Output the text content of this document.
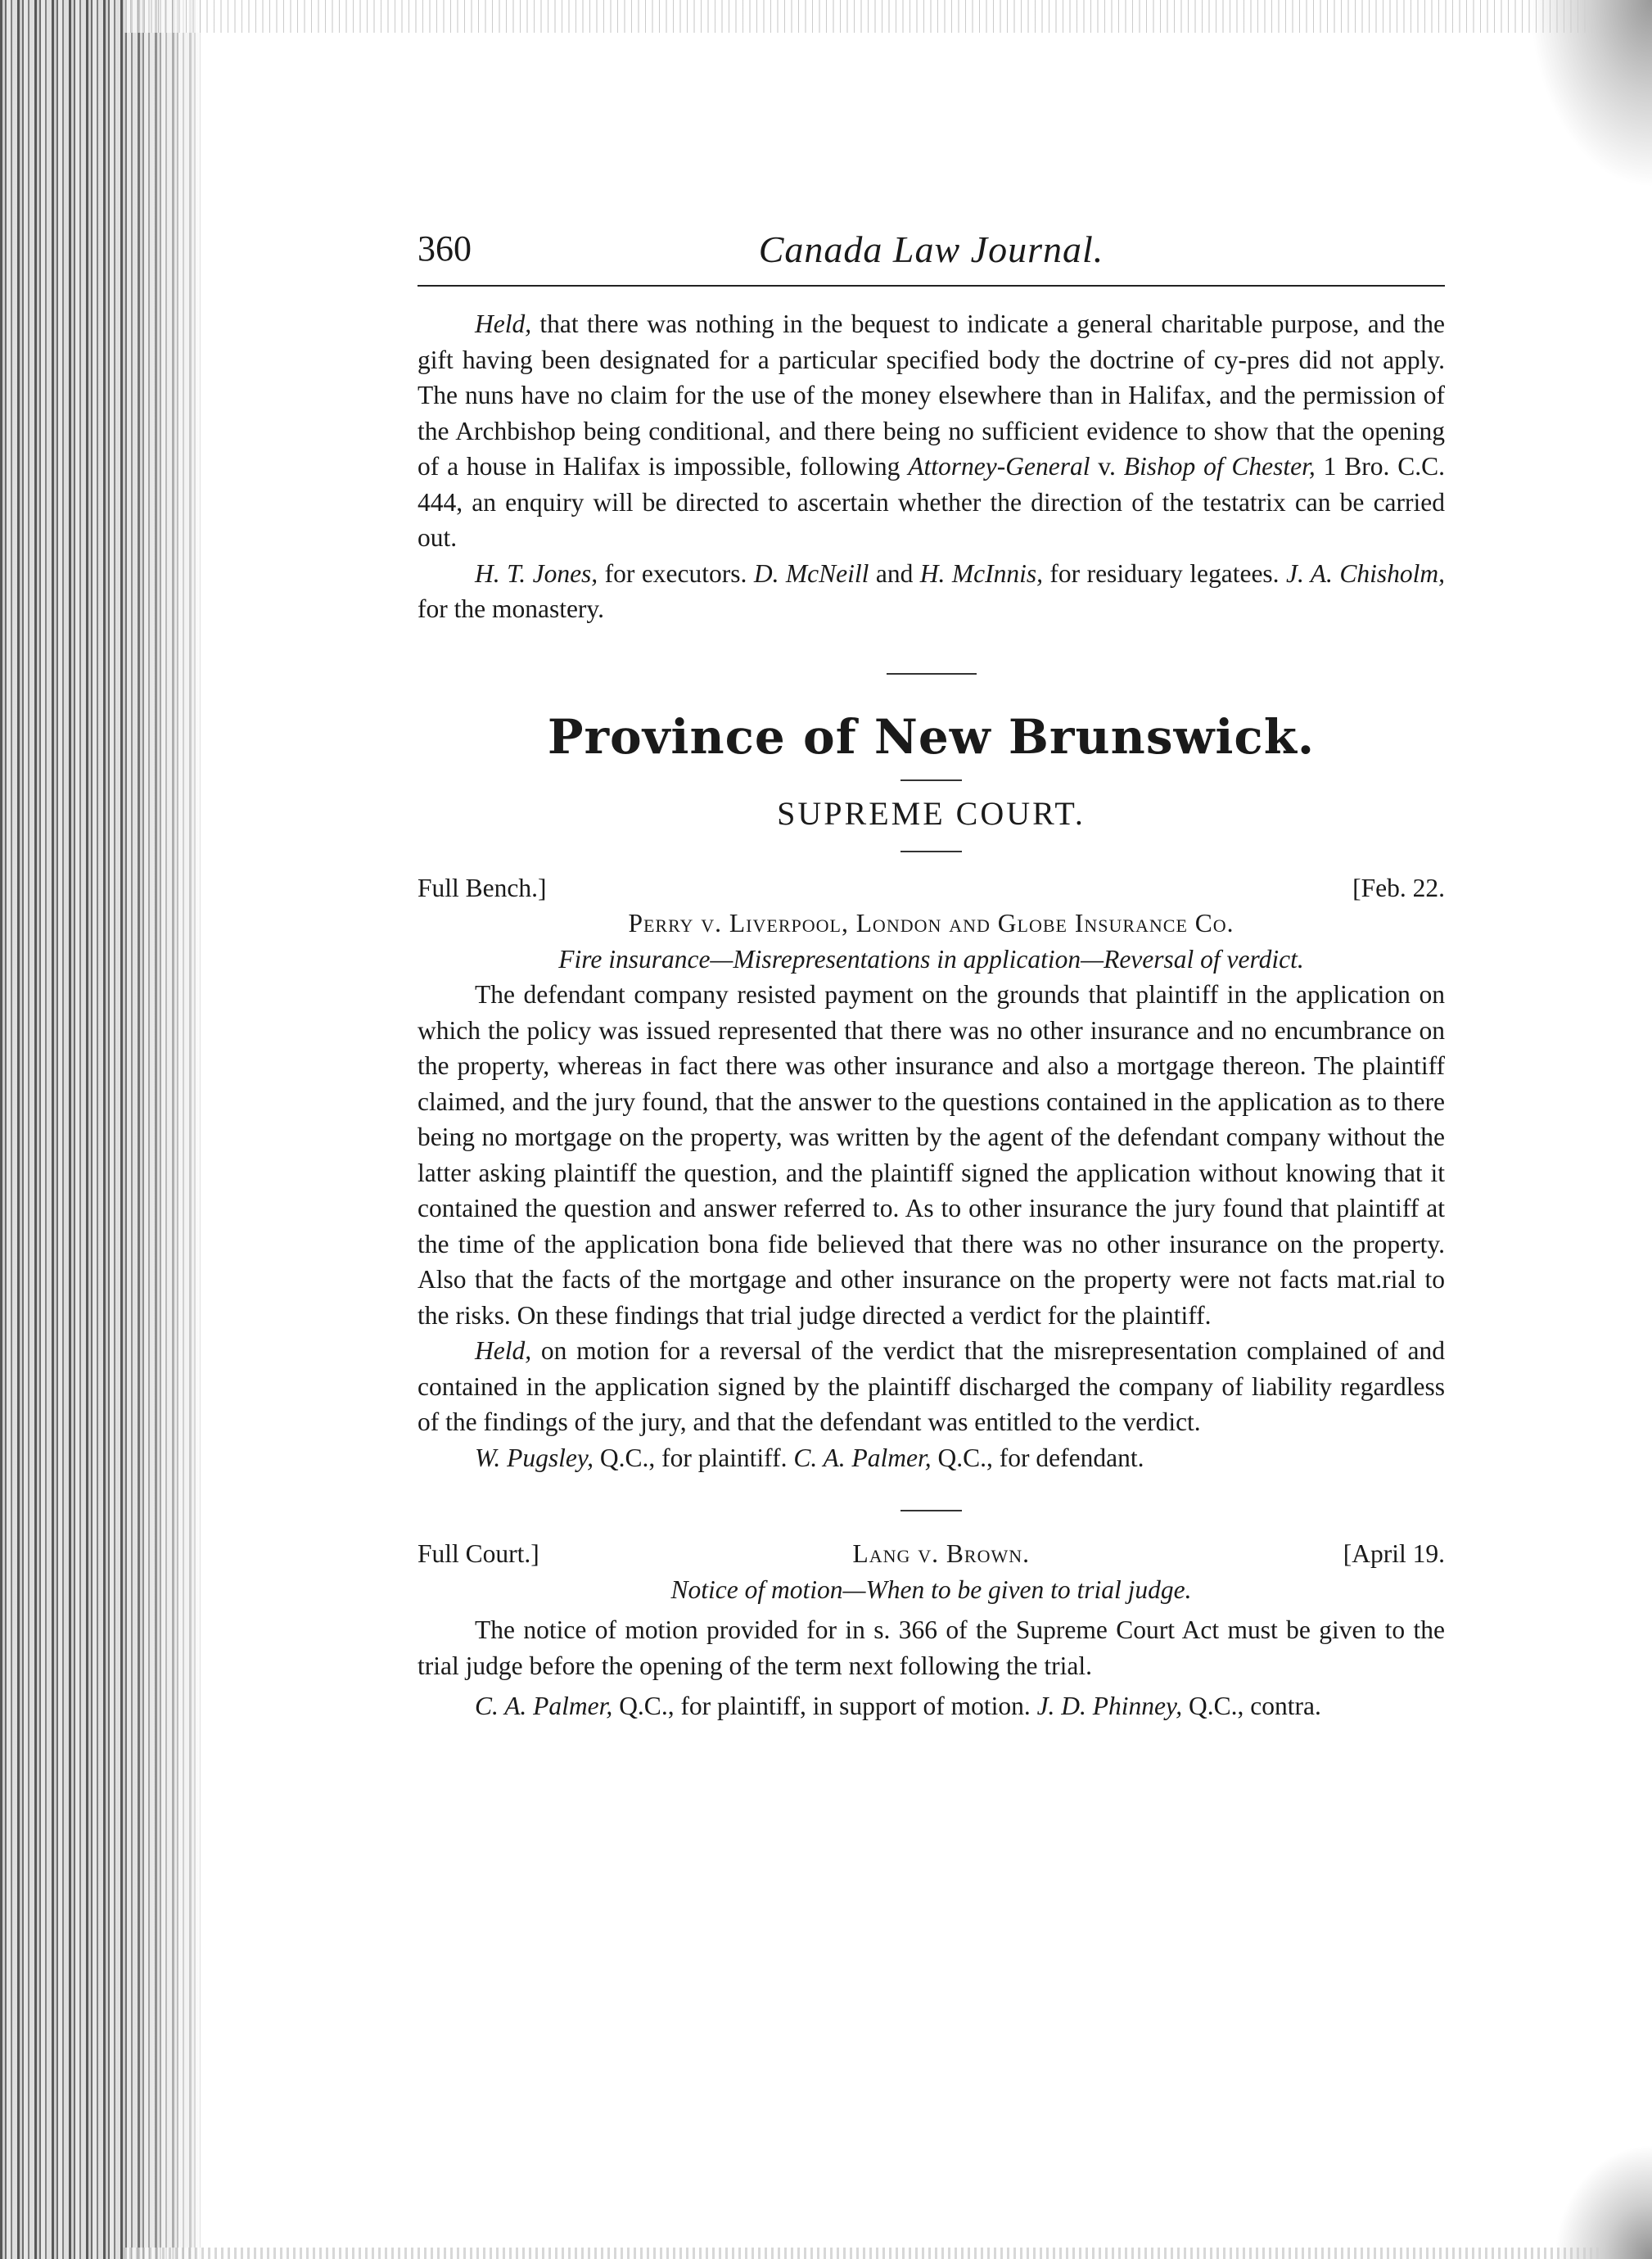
360	Canada Law Journal.

Held, that there was nothing in the bequest to indicate a general charitable purpose, and the gift having been designated for a particular specified body the doctrine of cy-pres did not apply. The nuns have no claim for the use of the money elsewhere than in Halifax, and the permission of the Archbishop being conditional, and there being no sufficient evidence to show that the opening of a house in Halifax is impossible, following Attorney-General v. Bishop of Chester, 1 Bro. C.C. 444, an enquiry will be directed to ascertain whether the direction of the testatrix can be carried out.

H. T. Jones, for executors. D. McNeill and H. McInnis, for residuary legatees. J. A. Chisholm, for the monastery.

Province of New Brunswick.
SUPREME COURT.
Full Bench.]	[Feb. 22.
Perry v. Liverpool, London and Globe Insurance Co.
Fire insurance—Misrepresentations in application—Reversal of verdict.

The defendant company resisted payment on the grounds that plaintiff in the application on which the policy was issued represented that there was no other insurance and no encumbrance on the property, whereas in fact there was other insurance and also a mortgage thereon. The plaintiff claimed, and the jury found, that the answer to the questions contained in the application as to there being no mortgage on the property, was written by the agent of the defendant company without the latter asking plaintiff the question, and the plaintiff signed the application without knowing that it contained the question and answer referred to. As to other insurance the jury found that plaintiff at the time of the application bona fide believed that there was no other insurance on the property. Also that the facts of the mortgage and other insurance on the property were not facts mat.rial to the risks. On these findings that trial judge directed a verdict for the plaintiff.

Held, on motion for a reversal of the verdict that the misrepresentation complained of and contained in the application signed by the plaintiff discharged the company of liability regardless of the findings of the jury, and that the defendant was entitled to the verdict.

W. Pugsley, Q.C., for plaintiff. C. A. Palmer, Q.C., for defendant.

Full Court.]	Lang v. Brown.	[April 19.
Notice of motion—When to be given to trial judge.

The notice of motion provided for in s. 366 of the Supreme Court Act must be given to the trial judge before the opening of the term next following the trial.

C. A. Palmer, Q.C., for plaintiff, in support of motion. J. D. Phinney, Q.C., contra.
